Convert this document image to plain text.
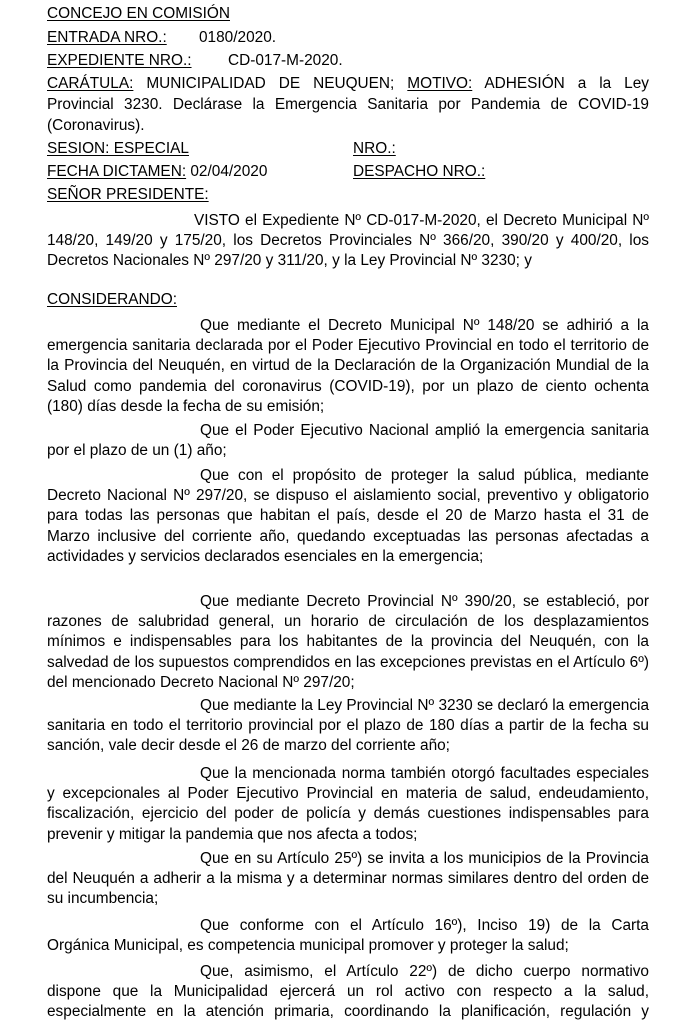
CONCEJO EN COMISIÓN
ENTRADA NRO.:	0180/2020.
EXPEDIENTE NRO.:	CD-017-M-2020.
CARÁTULA: MUNICIPALIDAD DE NEUQUEN; MOTIVO: ADHESIÓN a la Ley
Provincial 3230. Declárase la Emergencia Sanitaria por Pandemia de COVID-19
(Coronavirus).
SESION: ESPECIAL	NRO.:
FECHA DICTAMEN: 02/04/2020	DESPACHO NRO.:
SEÑOR PRESIDENTE:

VISTO el Expediente Nº CD-017-M-2020, el Decreto Municipal Nº 148/20, 149/20 y 175/20, los Decretos Provinciales Nº 366/20, 390/20 y 400/20, los Decretos Nacionales Nº 297/20 y 311/20, y la Ley Provincial Nº 3230; y

CONSIDERANDO:

Que mediante el Decreto Municipal Nº 148/20 se adhirió a la emergencia sanitaria declarada por el Poder Ejecutivo Provincial en todo el territorio de la Provincia del Neuquén, en virtud de la Declaración de la Organización Mundial de la Salud como pandemia del coronavirus (COVID-19), por un plazo de ciento ochenta (180) días desde la fecha de su emisión;

Que el Poder Ejecutivo Nacional amplió la emergencia sanitaria por el plazo de un (1) año;

Que con el propósito de proteger la salud pública, mediante Decreto Nacional Nº 297/20, se dispuso el aislamiento social, preventivo y obligatorio para todas las personas que habitan el país, desde el 20 de Marzo hasta el 31 de Marzo inclusive del corriente año, quedando exceptuadas las personas afectadas a actividades y servicios declarados esenciales en la emergencia;

Que mediante Decreto Provincial Nº 390/20, se estableció, por razones de salubridad general, un horario de circulación de los desplazamientos mínimos e indispensables para los habitantes de la provincia del Neuquén, con la salvedad de los supuestos comprendidos en las excepciones previstas en el Artículo 6º) del mencionado Decreto Nacional Nº 297/20;

Que mediante la Ley Provincial Nº 3230 se declaró la emergencia sanitaria en todo el territorio provincial por el plazo de 180 días a partir de la fecha su sanción, vale decir desde el 26 de marzo del corriente año;

Que la mencionada norma también otorgó facultades especiales y excepcionales al Poder Ejecutivo Provincial en materia de salud, endeudamiento, fiscalización, ejercicio del poder de policía y demás cuestiones indispensables para prevenir y mitigar la pandemia que nos afecta a todos;

Que en su Artículo 25º) se invita a los municipios de la Provincia del Neuquén a adherir a la misma y a determinar normas similares dentro del orden de su incumbencia;

Que conforme con el Artículo 16º), Inciso 19) de la Carta Orgánica Municipal, es competencia municipal promover y proteger la salud;

Que, asimismo, el Artículo 22º) de dicho cuerpo normativo dispone que la Municipalidad ejercerá un rol activo con respecto a la salud, especialmente en la atención primaria, coordinando la planificación, regulación y
